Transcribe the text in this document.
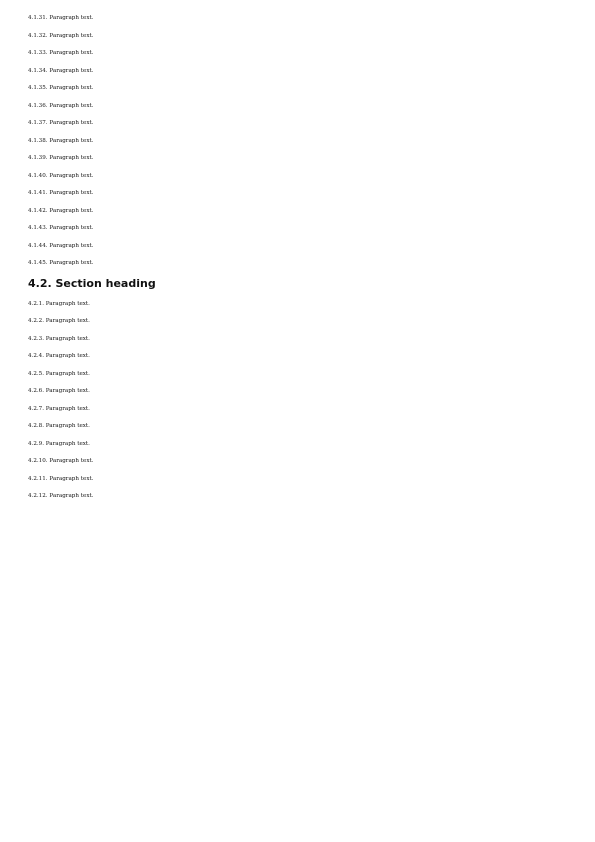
4.1.31. Paragraph text.

4.1.32. Paragraph text.

4.1.33. Paragraph text.

4.1.34. Paragraph text.

4.1.35. Paragraph text.

4.1.36. Paragraph text.

4.1.37. Paragraph text.

4.1.38. Paragraph text.

4.1.39. Paragraph text.

4.1.40. Paragraph text.

4.1.41. Paragraph text.

4.1.42. Paragraph text.

4.1.43. Paragraph text.

4.1.44. Paragraph text.

4.1.45. Paragraph text.

4.2. Section heading

4.2.1. Paragraph text.

4.2.2. Paragraph text.

4.2.3. Paragraph text.

4.2.4. Paragraph text.

4.2.5. Paragraph text.

4.2.6. Paragraph text.

4.2.7. Paragraph text.

4.2.8. Paragraph text.

4.2.9. Paragraph text.

4.2.10. Paragraph text.

4.2.11. Paragraph text.

4.2.12. Paragraph text.
